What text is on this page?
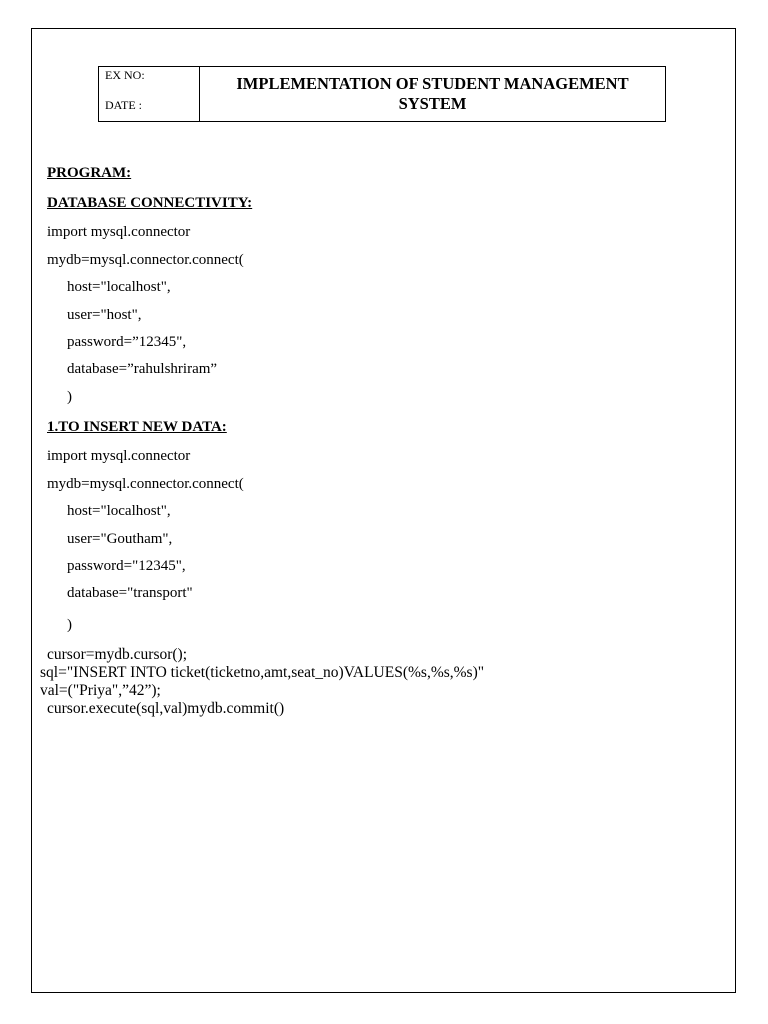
EX NO:
DATE :
IMPLEMENTATION OF STUDENT MANAGEMENT
SYSTEM
PROGRAM:
DATABASE CONNECTIVITY:
import mysql.connector
mydb=mysql.connector.connect(
host="localhost",
user="host",
password=”12345",
database=”rahulshriram”
)
1.TO INSERT NEW DATA:
import mysql.connector
mydb=mysql.connector.connect(
host="localhost",
user="Goutham",
password="12345",
database="transport"
)
cursor=mydb.cursor();
sql="INSERT INTO ticket(ticketno,amt,seat_no)VALUES(%s,%s,%s)"
val=("Priya",”42”);
cursor.execute(sql,val)mydb.commit()
